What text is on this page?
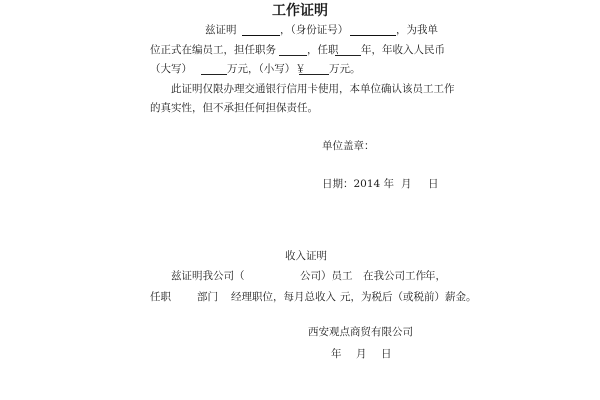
工作证明
兹证明	，（身份证号）	，为我单
位正式在编员工，担任职务	，任职 年，年收入人民币
（大写）	万元，（小写）￥ 万元。
此证明仅限办理交通银行信用卡使用，本单位确认该员工工作
的真实性，但不承担任何担保责任。
单位盖章：
日期：2014 年 月 日
收入证明
兹证明我公司（	公司）员工 在我公司工作 年，
任职 部门 经理职位，每月总收入 元，为税后（或税前）薪金。
西安观点商贸有限公司
年 月 日
